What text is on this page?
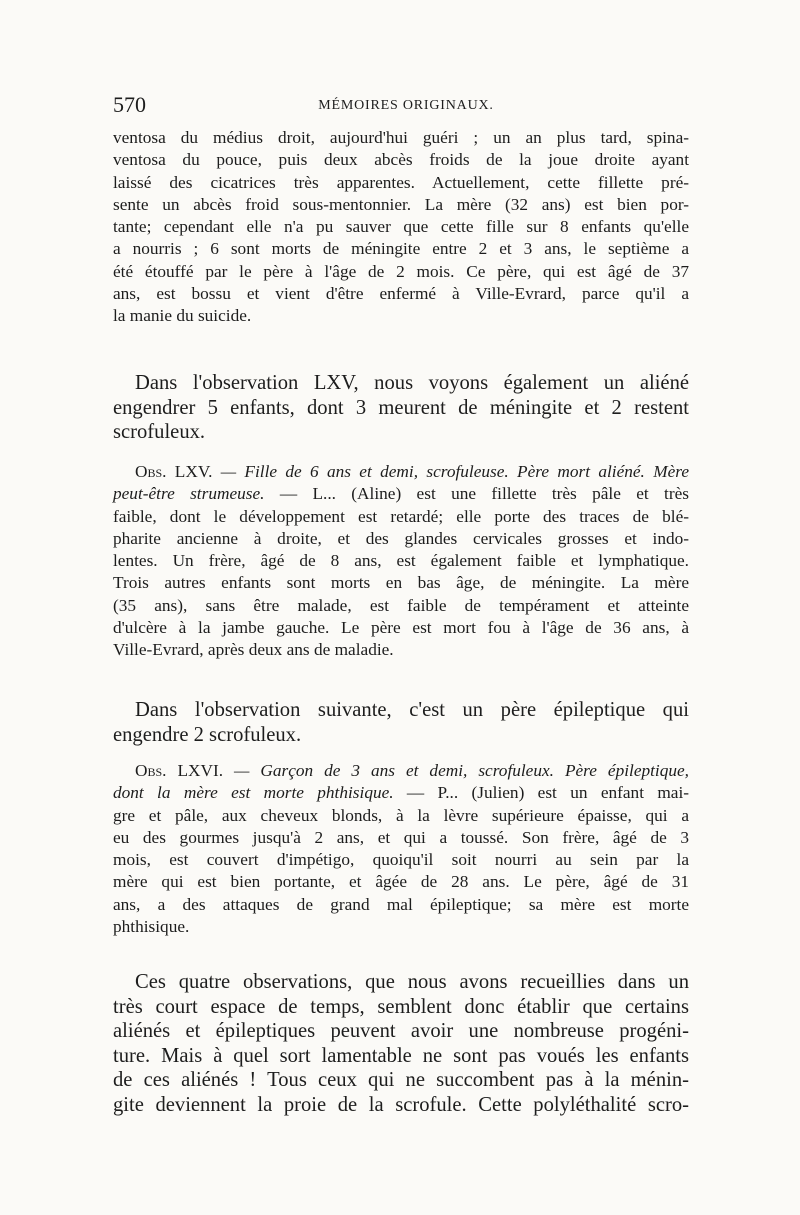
570	MÉMOIRES ORIGINAUX.
ventosa du médius droit, aujourd'hui guéri ; un an plus tard, spina-
ventosa du pouce, puis deux abcès froids de la joue droite ayant
laissé des cicatrices très apparentes. Actuellement, cette fillette pré-
sente un abcès froid sous-mentonnier. La mère (32 ans) est bien por-
tante; cependant elle n'a pu sauver que cette fille sur 8 enfants qu'elle
a nourris ; 6 sont morts de méningite entre 2 et 3 ans, le septième a
été étouffé par le père à l'âge de 2 mois. Ce père, qui est âgé de 37
ans, est bossu et vient d'être enfermé à Ville-Evrard, parce qu'il a
la manie du suicide.
Dans l'observation LXV, nous voyons également un aliéné
engendrer 5 enfants, dont 3 meurent de méningite et 2 restent
scrofuleux.
Obs. LXV. — Fille de 6 ans et demi, scrofuleuse. Père mort aliéné. Mère
peut-être strumeuse. — L... (Aline) est une fillette très pâle et très
faible, dont le développement est retardé; elle porte des traces de blé-
pharite ancienne à droite, et des glandes cervicales grosses et indo-
lentes. Un frère, âgé de 8 ans, est également faible et lymphatique.
Trois autres enfants sont morts en bas âge, de méningite. La mère
(35 ans), sans être malade, est faible de tempérament et atteinte
d'ulcère à la jambe gauche. Le père est mort fou à l'âge de 36 ans, à
Ville-Evrard, après deux ans de maladie.
Dans l'observation suivante, c'est un père épileptique qui
engendre 2 scrofuleux.
Obs. LXVI. — Garçon de 3 ans et demi, scrofuleux. Père épileptique,
dont la mère est morte phthisique. — P... (Julien) est un enfant mai-
gre et pâle, aux cheveux blonds, à la lèvre supérieure épaisse, qui a
eu des gourmes jusqu'à 2 ans, et qui a toussé. Son frère, âgé de 3
mois, est couvert d'impétigo, quoiqu'il soit nourri au sein par la
mère qui est bien portante, et âgée de 28 ans. Le père, âgé de 31
ans, a des attaques de grand mal épileptique; sa mère est morte
phthisique.
Ces quatre observations, que nous avons recueillies dans un
très court espace de temps, semblent donc établir que certains
aliénés et épileptiques peuvent avoir une nombreuse progéni-
ture. Mais à quel sort lamentable ne sont pas voués les enfants
de ces aliénés ! Tous ceux qui ne succombent pas à la ménin-
gite deviennent la proie de la scrofule. Cette polyléthalité scro-
